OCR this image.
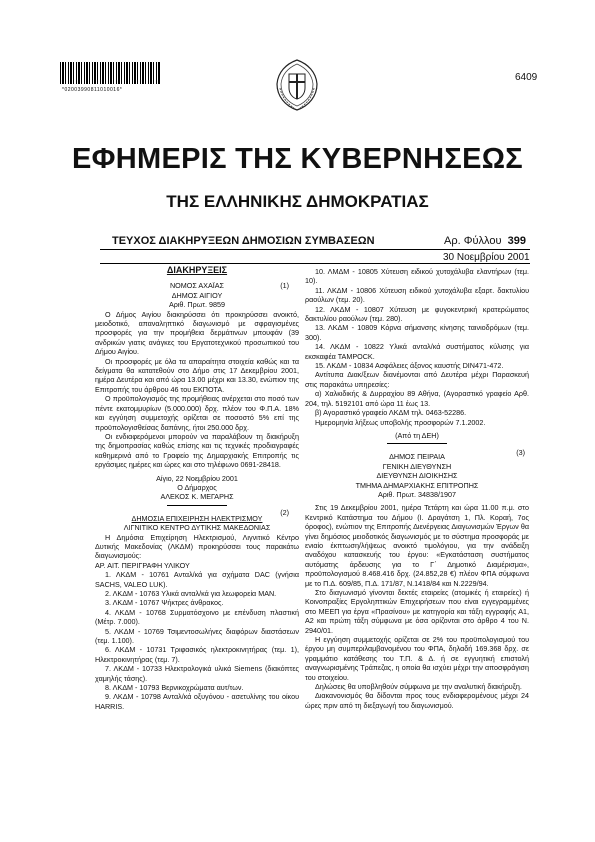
*02003990811010016*
6409
ΕΦΗΜΕΡΙΣ ΤΗΣ ΚΥΒΕΡΝΗΣΕΩΣ
ΤΗΣ ΕΛΛΗΝΙΚΗΣ ΔΗΜΟΚΡΑΤΙΑΣ
ΤΕΥΧΟΣ ΔΙΑΚΗΡΥΞΕΩΝ ΔΗΜΟΣΙΩΝ ΣΥΜΒΑΣΕΩΝ	Αρ. Φύλλου 399
30 Νοεμβρίου 2001
ΔΙΑΚΗΡΥΞΕΙΣ
(1)
ΝΟΜΟΣ ΑΧΑΪΑΣ
ΔΗΜΟΣ ΑΙΓΙΟΥ
Αριθ. Πρωτ. 9859

Ο Δήμος Αιγίου διακηρύσσει ότι προκηρύσσει ανοικτό, μειοδοτικό, απαναληπτικό διαγωνισμό με σφραγισμένες προσφορές για την προμήθεια δερμάτινων μπουφάν (39 ανδρικών γιατις ανάγκες του Εργατοτεχνικού προσωπικού του Δήμου Αιγίου.

Οι προσφορές με όλα τα απαραίτητα στοιχεία καθώς και τα δείγματα θα κατατεθούν στο Δήμο στις 17 Δεκεμβρίου 2001, ημέρα Δευτέρα και από ώρα 13.00 μέχρι και 13.30, ενώπιον της Επιτροπής του άρθρου 46 του ΕΚΠΟΤΑ.

Ο προϋπολογισμός της προμήθειας ανέρχεται στο ποσό των πέντε εκατομμυρίων (5.000.000) δρχ. πλέον του Φ.Π.Α. 18% και εγγύηση συμμετοχής ορίζεται σε ποσοστό 5% επί της προϋπολογισθείσας δαπάνης, ήτοι 250.000 δρχ.

Οι ενδιαφερόμενοι μπορούν να παραλάβουν τη διακήρυξη της δημοπρασίας καθώς επίσης και τις τεχνικές προδιαγραφές καθημερινά από το Γραφείο της Δημαρχιακής Επιτροπής τις εργάσιμες ημέρες και ώρες και στο τηλέφωνο 0691-28418.

Αίγιο, 22 Νοεμβρίου 2001
Ο Δήμαρχος
ΑΛΕΚΟΣ Κ. ΜΕΓΑΡΗΣ
(2)
ΔΗΜΟΣΙΑ ΕΠΙΧΕΙΡΗΣΗ ΗΛΕΚΤΡΙΣΜΟΥ
ΛΙΓΝΙΤΙΚΟ ΚΕΝΤΡΟ ΔΥΤΙΚΗΣ ΜΑΚΕΔΟΝΙΑΣ

Η Δημόσια Επιχείρηση Ηλεκτρισμού, Λιγνιτικό Κέντρο Δυτικής Μακεδονίας (ΛΚΔΜ) προκηρύσσει τους παρακάτω διαγωνισμούς:

ΑΡ. ΑΙΤ. ΠΕΡΙΓΡΑΦΗ ΥΛΙΚΟΥ

1. ΛΚΔΜ - 10761 Ανταλ/κά για σχήματα DAC (γνήσια SACHS, VALEO LUK).

2. ΛΚΔΜ - 10763 Υλικά ανταλ/κά για λεωφορεία MAN.

3. ΛΚΔΜ - 10767 Ψήκτρες άνθρακος.

4. ΛΚΔΜ - 10768 Συρματόσχοινο με επένδυση πλαστική (Μέτρ. 7.000).

5. ΛΚΔΜ - 10769 Τσιμεντοσωλήνες διαφόρων διαστάσεων (τεμ. 1.100).

6. ΛΚΔΜ - 10731 Τριφασικός ηλεκτροκινητήρας (τεμ. 1), Ηλεκτροκινητήρας (τεμ. 7).

7. ΛΚΔΜ - 10733 Ηλεκτρολογικά υλικά Siemens (διακόπτες χαμηλής τάσης).

8. ΛΚΔΜ - 10793 Βερνικοχρώματα αυτ/των.

9. ΛΚΔΜ - 10798 Ανταλ/κά οξυγόνου - ασετυλίνης του οίκου HARRIS.

10. ΛΜΔΜ - 10805 Χύτευση ειδικού χυτοχάλυβα ελαντήρων (τεμ. 10).

11. ΛΚΔΜ - 10806 Χύτευση ειδικού χυτοχάλυβα εξαρτ. δακτυλίου ραούλων (τεμ. 20).

12. ΛΚΔΜ - 10807 Χύτευση με φυγοκεντρική κρατερώματος δακτυλίου ραούλων (τεμ. 280).

13. ΛΚΔΜ - 10809 Κόρνα σήμανσης κίνησης ταινιοδρόμων (τεμ. 300).

14. ΛΚΔΜ - 10822 Υλικά ανταλ/κά συστήματος κύλισης για εκσκαφέα ΤΑΜΡΟCK.

15. ΛΚΔΜ - 10834 Ασφάλειες άξονος καυστής DIN471-472.

Αντίτυπα Διακ/ξεων διανέμονται από Δευτέρα μέχρι Παρασκευή στις παρακάτω υπηρεσίες:

α) Χαλκιδικής & Δυρραχίου 89 Αθήνα, (Αγοραστικό γραφείο Αρθ. 204, τηλ. 5192101 από ώρα 11 έως 13.

β) Αγοραστικό γραφείο ΛΚΔΜ τηλ. 0463-52286.

Ημερομηνία λήξεως υποβολής προσφορών 7.1.2002.

(Από τη ΔΕΗ)
(3)
ΔΗΜΟΣ ΠΕΙΡΑΙΑ
ΓΕΝΙΚΗ ΔΙΕΥΘΥΝΣΗ
ΔΙΕΥΘΥΝΣΗ ΔΙΟΙΚΗΣΗΣ
ΤΜΗΜΑ ΔΗΜΑΡΧΙΑΚΗΣ ΕΠΙΤΡΟΠΗΣ
Αριθ. Πρωτ. 34838/1907

Στις 19 Δεκεμβρίου 2001, ημέρα Τετάρτη και ώρα 11.00 π.μ. στο Κεντρικό Κατάστημα του Δήμου (Ι. Δραγάτση 1, Πλ. Κοραή, 7ος όροφος), ενώπιον της Επιτροπής Διενέργειας Διαγωνισμών Έργων θα γίνει δημόσιος μειοδοτικός διαγωνισμός με το σύστημα προσφοράς με ενιαίο έκπτωση/λήψεως ανοικτό τιμολόγιου, για την ανάδειξη αναδόχου κατασκευής του έργου: «Εγκατάσταση συστήματος αυτόματης άρδευσης για το Γ΄ Δημοτικό Διαμέρισμα», προϋπολογισμού 8.468.416 δρχ. (24.852,28 €) πλέον ΦΠΑ σύμφωνα με το Π.Δ. 609/85, Π.Δ. 171/87, Ν.1418/84 και Ν.2229/94.

Στο διαγωνισμό γίνονται δεκτές εταιρείες (ατομικές ή εταιρείες) ή Κοινοπραξίες Εργοληπτικών Επιχειρήσεων που είναι εγγεγραμμένες στο ΜΕΕΠ για έργα «Πρασίνου» με κατηγορία και τάξη εγγραφής Α1, Α2 και πρώτη τάξη σύμφωνα με όσα ορίζονται στο άρθρο 4 του Ν. 2940/01.

Η εγγύηση συμμετοχής ορίζεται σε 2% του προϋπολογισμού του έργου μη συμπεριλαμβανομένου του ΦΠΑ, δηλαδή 169.368 δρχ. σε γραμμάτιο κατάθεσης του Τ.Π. & Δ. ή σε εγγυητική επιστολή αναγνωρισμένης Τράπεζας, η οποία θα ισχύει μέχρι την αποσφράγιση του στοιχείου.

Δηλώσεις θα υποβληθούν σύμφωνα με την αναλυτική διακήρυξη.

Διακανονισμός θα δίδονται προς τους ενδιαφερομένους μέχρι 24 ώρες πριν από τη διεξαγωγή του διαγωνισμού.
